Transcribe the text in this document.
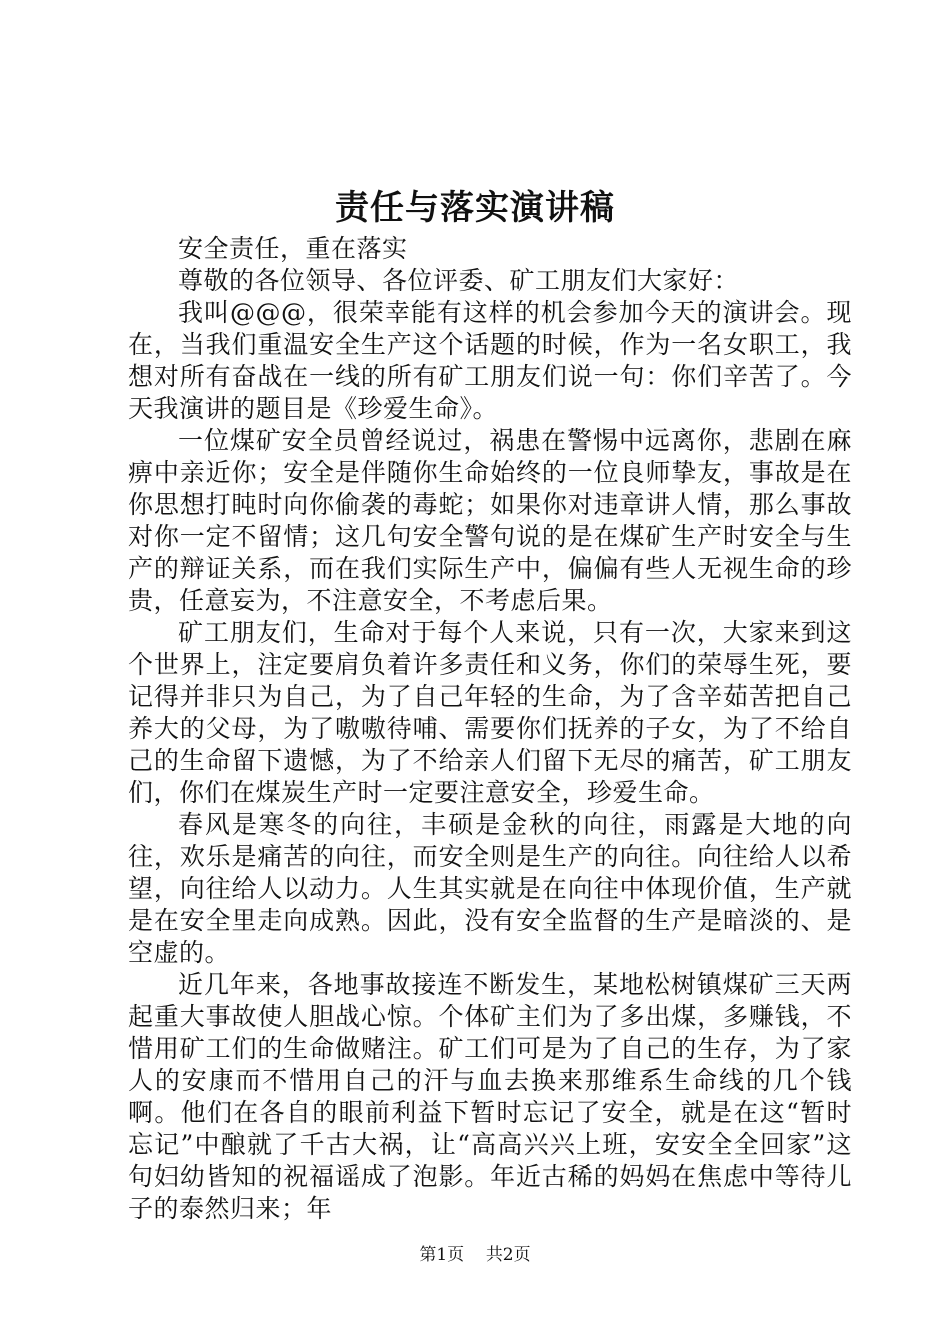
责任与落实演讲稿

安全责任，重在落实

尊敬的各位领导、各位评委、矿工朋友们大家好：

我叫@@@，很荣幸能有这样的机会参加今天的演讲会。现在，当我们重温安全生产这个话题的时候，作为一名女职工，我想对所有奋战在一线的所有矿工朋友们说一句：你们辛苦了。今天我演讲的题目是《珍爱生命》。

一位煤矿安全员曾经说过，祸患在警惕中远离你，悲剧在麻痹中亲近你；安全是伴随你生命始终的一位良师挚友，事故是在你思想打盹时向你偷袭的毒蛇；如果你对违章讲人情，那么事故对你一定不留情；这几句安全警句说的是在煤矿生产时安全与生产的辩证关系，而在我们实际生产中，偏偏有些人无视生命的珍贵，任意妄为，不注意安全，不考虑后果。

矿工朋友们，生命对于每个人来说，只有一次，大家来到这个世界上，注定要肩负着许多责任和义务，你们的荣辱生死，要记得并非只为自己，为了自己年轻的生命，为了含辛茹苦把自己养大的父母，为了嗷嗷待哺、需要你们抚养的子女，为了不给自己的生命留下遗憾，为了不给亲人们留下无尽的痛苦，矿工朋友们，你们在煤炭生产时一定要注意安全，珍爱生命。

春风是寒冬的向往，丰硕是金秋的向往，雨露是大地的向往，欢乐是痛苦的向往，而安全则是生产的向往。向往给人以希望，向往给人以动力。人生其实就是在向往中体现价值，生产就是在安全里走向成熟。因此，没有安全监督的生产是暗淡的、是空虚的。

近几年来，各地事故接连不断发生，某地松树镇煤矿三天两起重大事故使人胆战心惊。个体矿主们为了多出煤，多赚钱，不惜用矿工们的生命做赌注。矿工们可是为了自己的生存，为了家人的安康而不惜用自己的汗与血去换来那维系生命线的几个钱啊。他们在各自的眼前利益下暂时忘记了安全，就是在这“暂时忘记”中酿就了千古大祸，让“高高兴兴上班，安安全全回家”这句妇幼皆知的祝福谣成了泡影。年近古稀的妈妈在焦虑中等待儿子的泰然归来；年

第1页 共2页
